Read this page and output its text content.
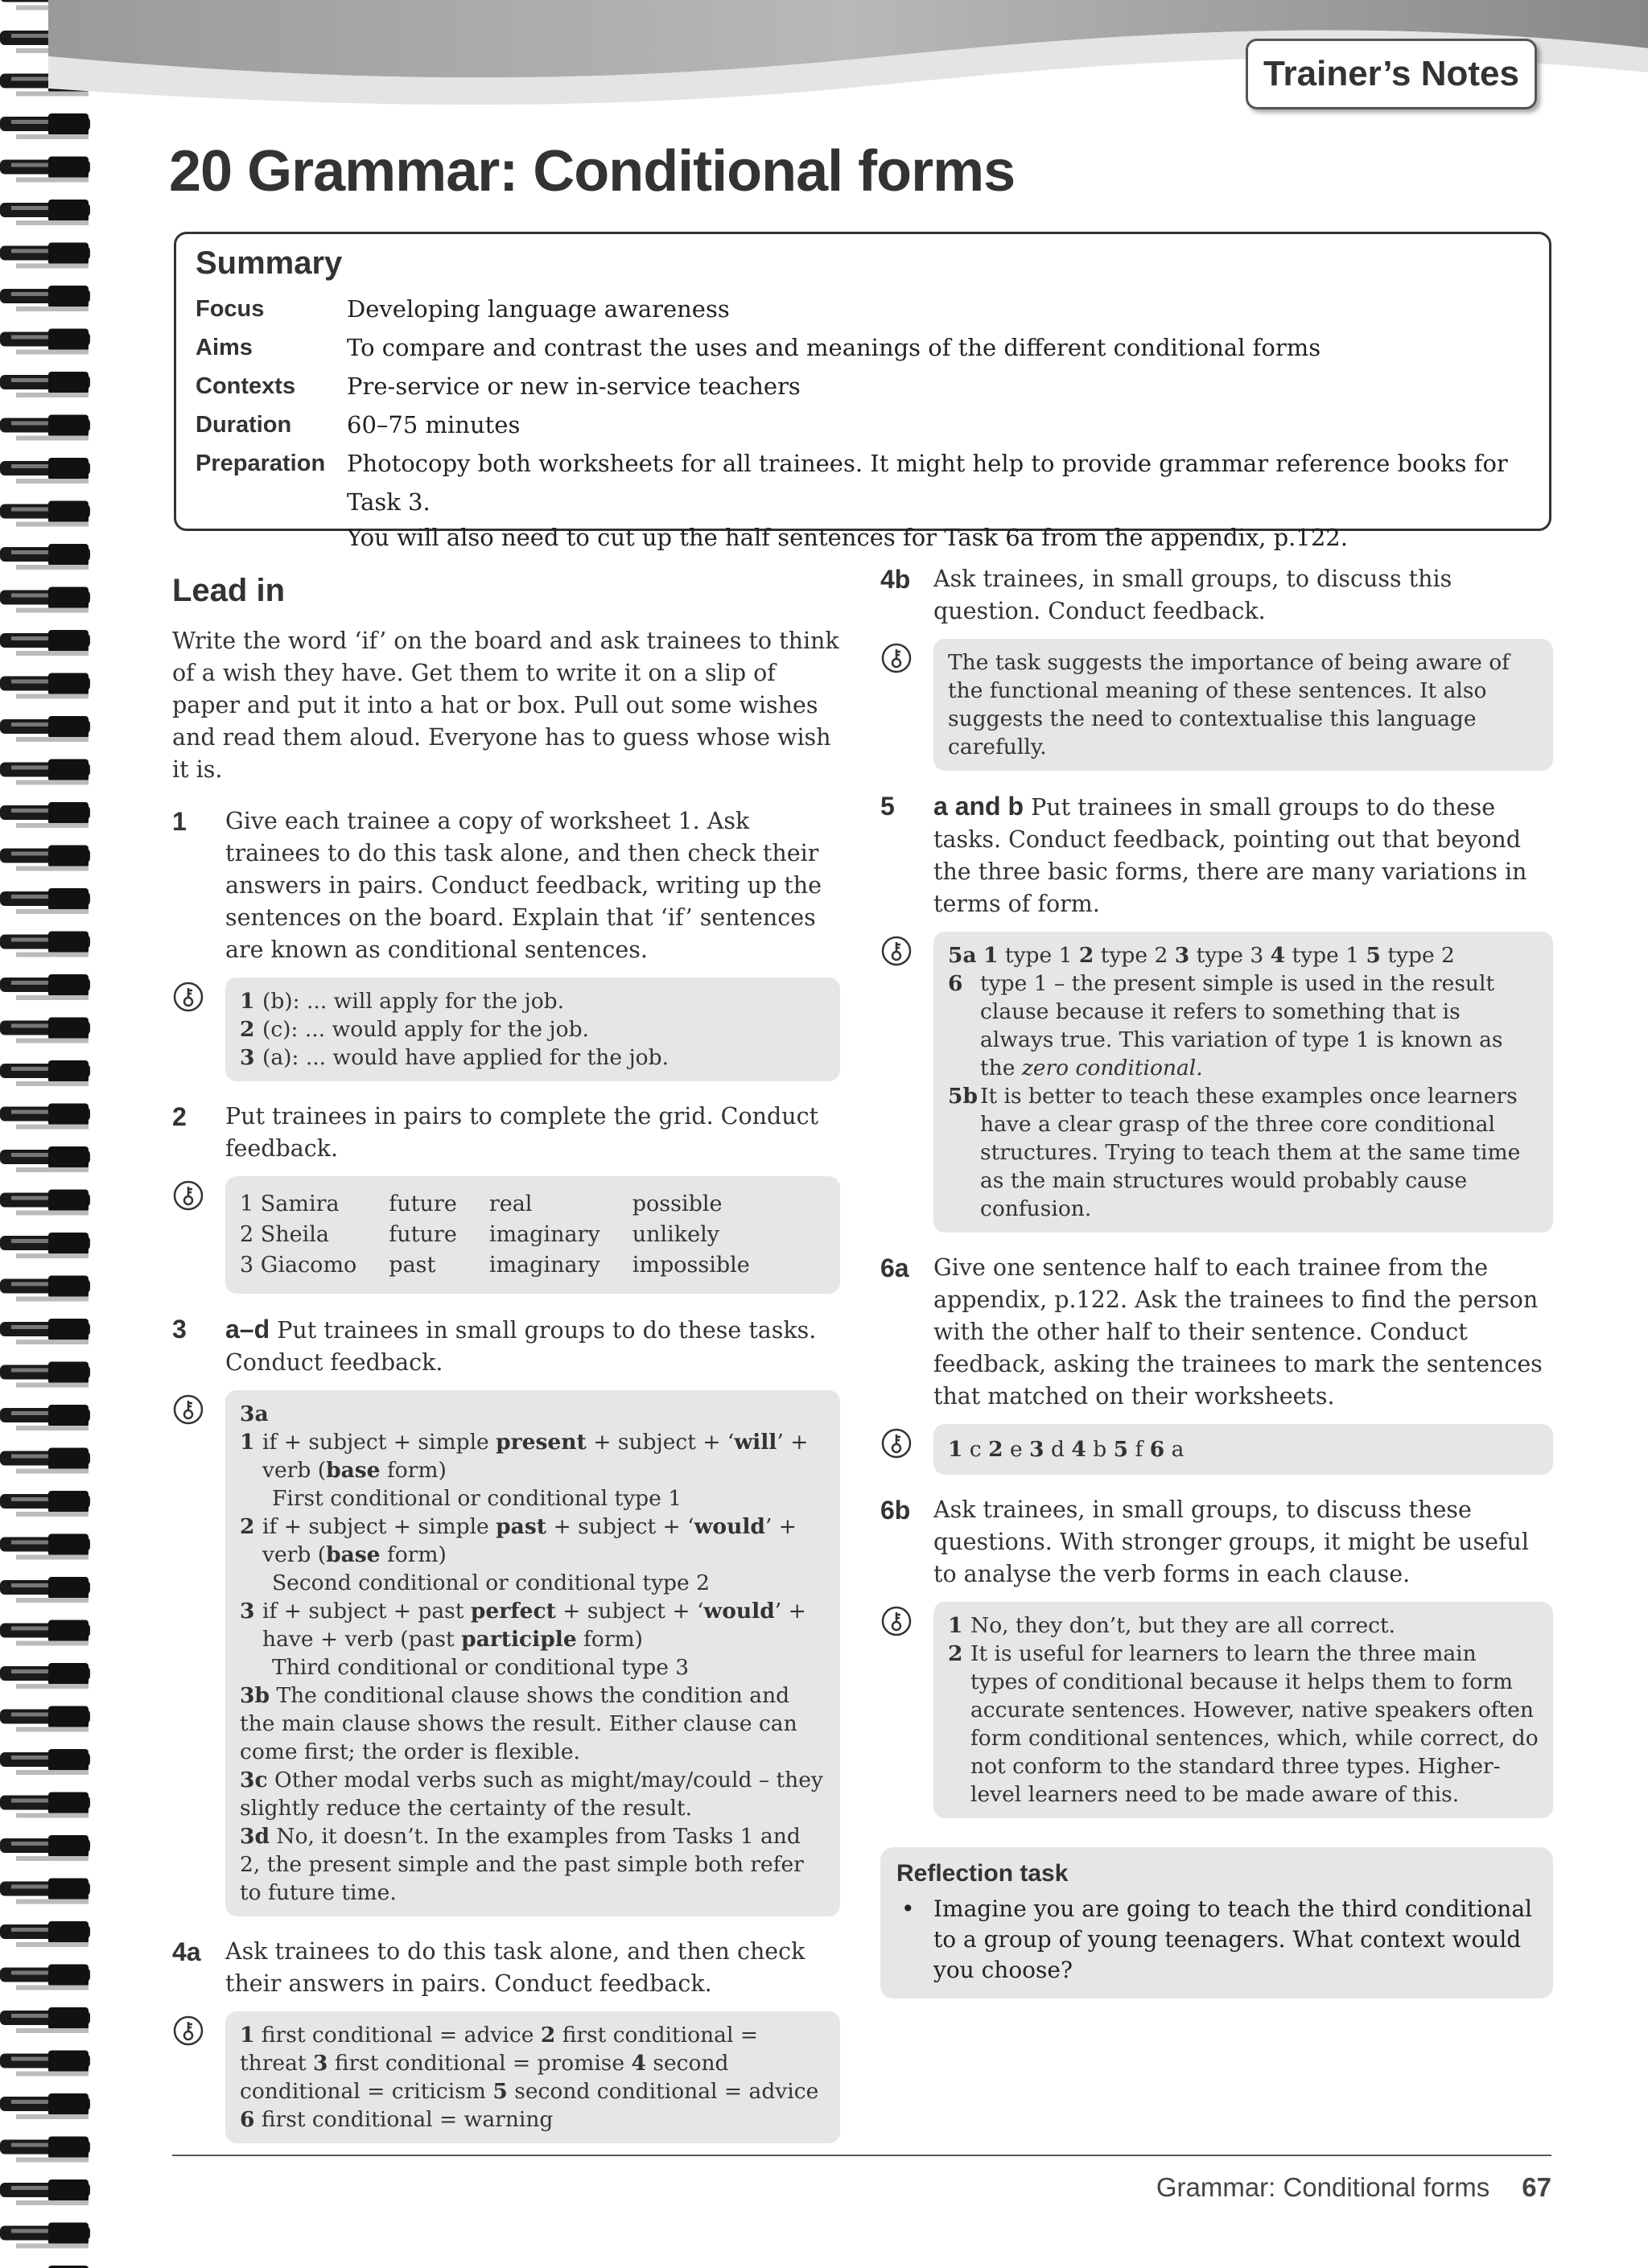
Trainer’s Notes
20 Grammar: Conditional forms
Summary
Focus	Developing language awareness
Aims	To compare and contrast the uses and meanings of the different conditional forms
Contexts	Pre-service or new in-service teachers
Duration	60–75 minutes
Preparation Photocopy both worksheets for all trainees. It might help to provide grammar reference books for Task 3.
You will also need to cut up the half sentences for Task 6a from the appendix, p.122.
Lead in

Write the word ‘if’ on the board and ask trainees to think of a wish they have. Get them to write it on a slip of paper and put it into a hat or box. Pull out some wishes and read them aloud. Everyone has to guess whose wish it is.

1	Give each trainee a copy of worksheet 1. Ask trainees to do this task alone, and then check their answers in pairs. Conduct feedback, writing up the sentences on the board. Explain that ‘if’ sentences are known as conditional sentences.
1 (b): ... will apply for the job.
2 (c): ... would apply for the job.
3 (a): ... would have applied for the job.
2	Put trainees in pairs to complete the grid. Conduct feedback.
1 Samira	future	real	possible
2 Sheila	future	imaginary	unlikely
3 Giacomo	past	imaginary	impossible
3	a–d Put trainees in small groups to do these tasks. Conduct feedback.
3a
1 if + subject + simple present + subject + ‘will’ + verb (base form)
First conditional or conditional type 1
2 if + subject + simple past + subject + ‘would’ + verb (base form)
Second conditional or conditional type 2
3 if + subject + past perfect + subject + ‘would’ + have + verb (past participle form)
Third conditional or conditional type 3
3b The conditional clause shows the condition and the main clause shows the result. Either clause can come first; the order is flexible.
3c Other modal verbs such as might/may/could – they slightly reduce the certainty of the result.
3d No, it doesn’t. In the examples from Tasks 1 and 2, the present simple and the past simple both refer to future time.
4a	Ask trainees to do this task alone, and then check their answers in pairs. Conduct feedback.
1 first conditional = advice 2 first conditional = threat 3 first conditional = promise 4 second conditional = criticism 5 second conditional = advice 6 first conditional = warning
4b	Ask trainees, in small groups, to discuss this question. Conduct feedback.
The task suggests the importance of being aware of the functional meaning of these sentences. It also suggests the need to contextualise this language carefully.
5	a and b Put trainees in small groups to do these tasks. Conduct feedback, pointing out that beyond the three basic forms, there are many variations in terms of form.
5a 1 type 1 2 type 2 3 type 3 4 type 1 5 type 2
6 type 1 – the present simple is used in the result clause because it refers to something that is always true. This variation of type 1 is known as the zero conditional.
5b It is better to teach these examples once learners have a clear grasp of the three core conditional structures. Trying to teach them at the same time as the main structures would probably cause confusion.
6a	Give one sentence half to each trainee from the appendix, p.122. Ask the trainees to find the person with the other half to their sentence. Conduct feedback, asking the trainees to mark the sentences that matched on their worksheets.
1 c 2 e 3 d 4 b 5 f 6 a
6b	Ask trainees, in small groups, to discuss these questions. With stronger groups, it might be useful to analyse the verb forms in each clause.
1 No, they don’t, but they are all correct.
2 It is useful for learners to learn the three main types of conditional because it helps them to form accurate sentences. However, native speakers often form conditional sentences, which, while correct, do not conform to the standard three types. Higher-level learners need to be made aware of this.
Reflection task
• Imagine you are going to teach the third conditional to a group of young teenagers. What context would you choose?
Grammar: Conditional forms 67
